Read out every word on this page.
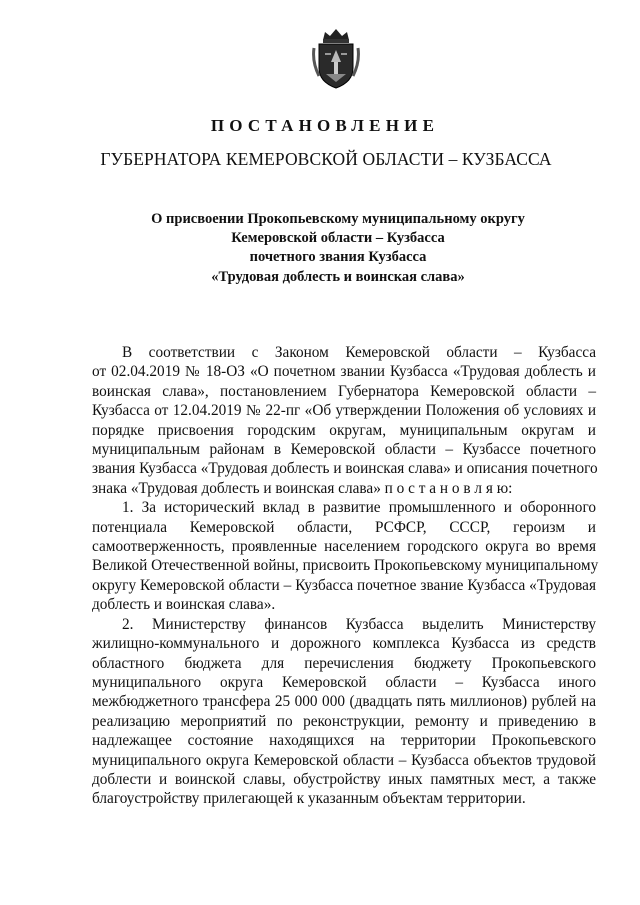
ПОСТАНОВЛЕНИЕ
ГУБЕРНАТОРА КЕМЕРОВСКОЙ ОБЛАСТИ – КУЗБАССА
О присвоении Прокопьевскому муниципальному округу
Кемеровской области – Кузбасса
почетного звания Кузбасса
«Трудовая доблесть и воинская слава»
В соответствии с Законом Кемеровской области – Кузбасса
от 02.04.2019 № 18-ОЗ «О почетном звании Кузбасса «Трудовая доблесть и
воинская слава», постановлением Губернатора Кемеровской области –
Кузбасса от 12.04.2019 № 22-пг «Об утверждении Положения об условиях и
порядке присвоения городским округам, муниципальным округам и
муниципальным районам в Кемеровской области – Кузбассе почетного
звания Кузбасса «Трудовая доблесть и воинская слава» и описания почетного
знака «Трудовая доблесть и воинская слава» п о с т а н о в л я ю:
1. За исторический вклад в развитие промышленного и оборонного
потенциала Кемеровской области, РСФСР, СССР, героизм и
самоотверженность, проявленные населением городского округа во время
Великой Отечественной войны, присвоить Прокопьевскому муниципальному
округу Кемеровской области – Кузбасса почетное звание Кузбасса «Трудовая
доблесть и воинская слава».
2. Министерству финансов Кузбасса выделить Министерству
жилищно-коммунального и дорожного комплекса Кузбасса из средств
областного бюджета для перечисления бюджету Прокопьевского
муниципального округа Кемеровской области – Кузбасса иного
межбюджетного трансфера 25 000 000 (двадцать пять миллионов) рублей на
реализацию мероприятий по реконструкции, ремонту и приведению в
надлежащее состояние находящихся на территории Прокопьевского
муниципального округа Кемеровской области – Кузбасса объектов трудовой
доблести и воинской славы, обустройству иных памятных мест, а также
благоустройству прилегающей к указанным объектам территории.
